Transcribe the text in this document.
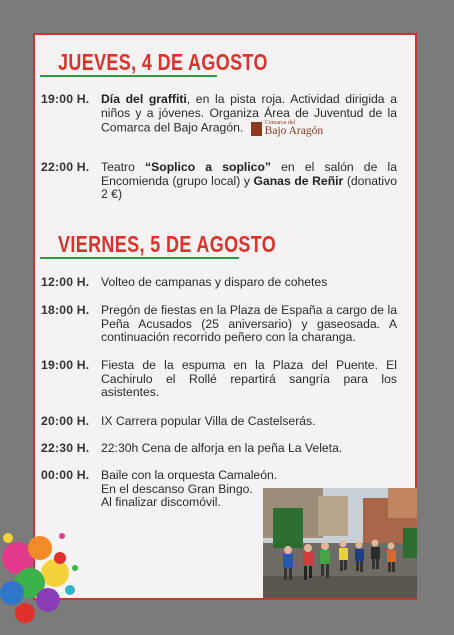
JUEVES, 4 DE AGOSTO
19:00 H. Día del graffiti, en la pista roja. Actividad dirigida a niños y a jóvenes. Organiza Área de Juventud de la Comarca del Bajo Aragón.	Comarca del
Bajo Aragón
22:00 H. Teatro “Soplico a soplico” en el salón de la Encomienda (grupo local) y Ganas de Reñir (donativo 2 €)
VIERNES, 5 DE AGOSTO
12:00 H. Volteo de campanas y disparo de cohetes
18:00 H. Pregón de fiestas en la Plaza de España a cargo de la Peña Acusados (25 aniversario) y gaseosada. A continuación recorrido peñero con la charanga.
19:00 H. Fiesta de la espuma en la Plaza del Puente. El Cachirulo el Rollé repartirá sangría para los asistentes.
20:00 H. IX Carrera popular Villa de Castelserás.
22:30 H. 22:30h Cena de alforja en la peña La Veleta.
00:00 H. Baile con la orquesta Camaleón.

En el descanso Gran Bingo.

Al finalizar discomóvil.
